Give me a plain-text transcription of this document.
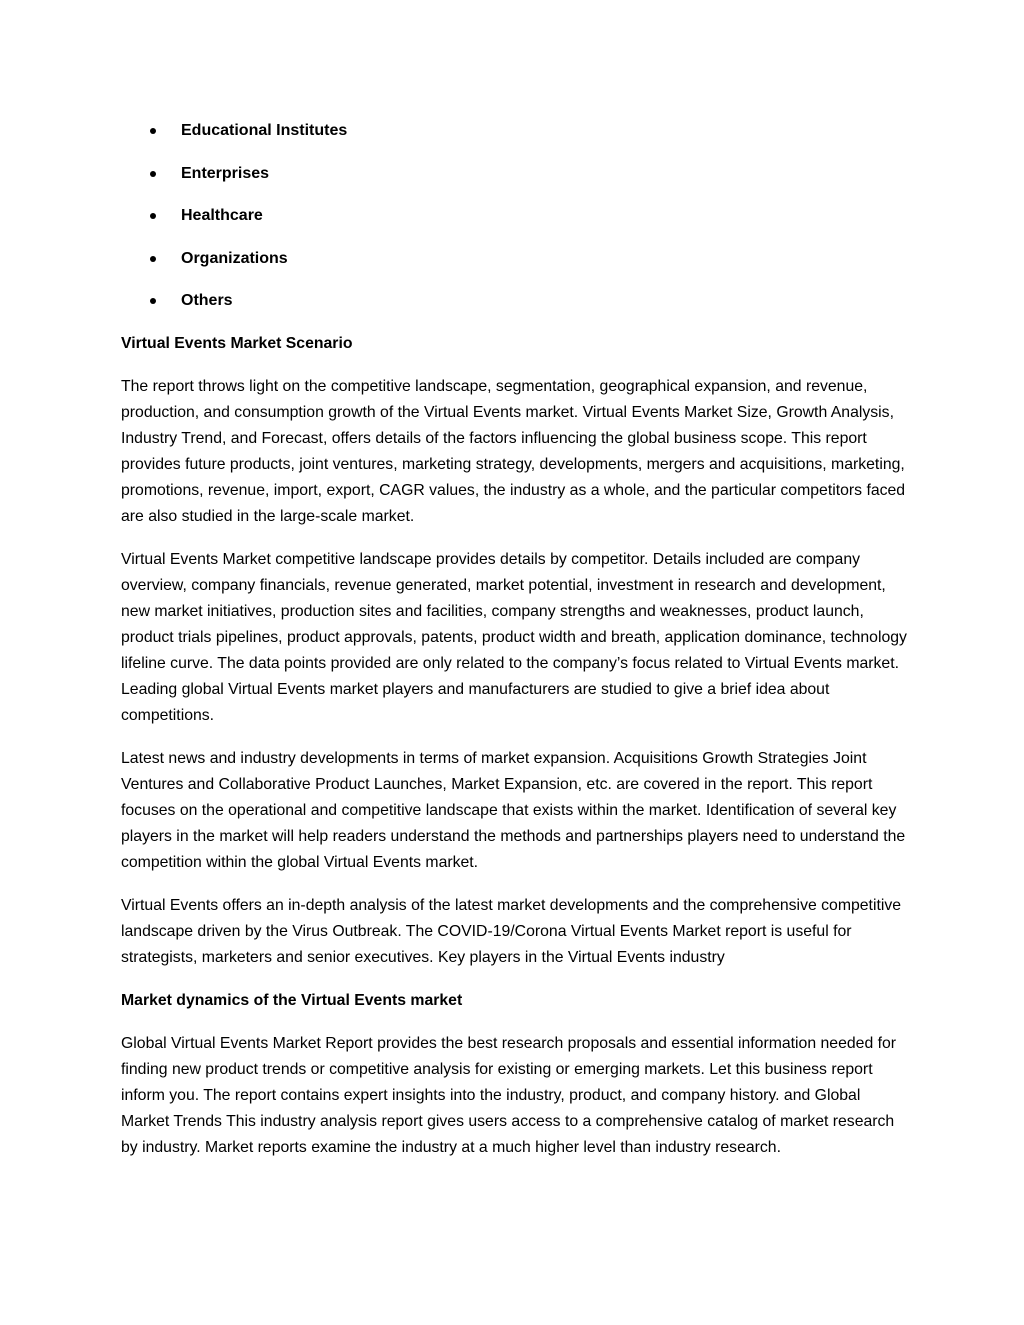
Educational Institutes
Enterprises
Healthcare
Organizations
Others

Virtual Events Market Scenario

The report throws light on the competitive landscape, segmentation, geographical expansion, and revenue, production, and consumption growth of the Virtual Events market. Virtual Events Market Size, Growth Analysis, Industry Trend, and Forecast, offers details of the factors influencing the global business scope. This report provides future products, joint ventures, marketing strategy, developments, mergers and acquisitions, marketing, promotions, revenue, import, export, CAGR values, the industry as a whole, and the particular competitors faced are also studied in the large-scale market.

Virtual Events Market competitive landscape provides details by competitor. Details included are company overview, company financials, revenue generated, market potential, investment in research and development, new market initiatives, production sites and facilities, company strengths and weaknesses, product launch, product trials pipelines, product approvals, patents, product width and breath, application dominance, technology lifeline curve. The data points provided are only related to the company’s focus related to Virtual Events market. Leading global Virtual Events market players and manufacturers are studied to give a brief idea about competitions.

Latest news and industry developments in terms of market expansion. Acquisitions Growth Strategies Joint Ventures and Collaborative Product Launches, Market Expansion, etc. are covered in the report. This report focuses on the operational and competitive landscape that exists within the market. Identification of several key players in the market will help readers understand the methods and partnerships players need to understand the competition within the global Virtual Events market.

Virtual Events offers an in-depth analysis of the latest market developments and the comprehensive competitive landscape driven by the Virus Outbreak. The COVID-19/Corona Virtual Events Market report is useful for strategists, marketers and senior executives. Key players in the Virtual Events industry

Market dynamics of the Virtual Events market

Global Virtual Events Market Report provides the best research proposals and essential information needed for finding new product trends or competitive analysis for existing or emerging markets. Let this business report inform you. The report contains expert insights into the industry, product, and company history. and Global Market Trends This industry analysis report gives users access to a comprehensive catalog of market research by industry. Market reports examine the industry at a much higher level than industry research.
